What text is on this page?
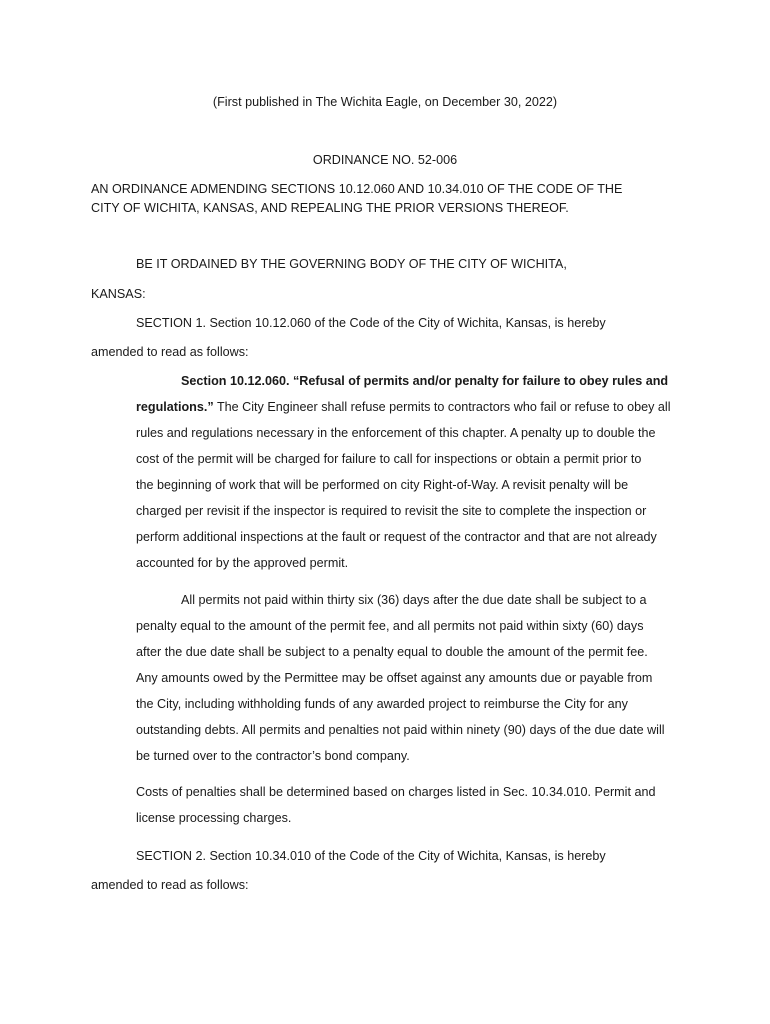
(First published in The Wichita Eagle, on December 30, 2022)
ORDINANCE NO. 52-006
AN ORDINANCE ADMENDING SECTIONS 10.12.060 AND 10.34.010 OF THE CODE OF THE
CITY OF WICHITA, KANSAS, AND REPEALING THE PRIOR VERSIONS THEREOF.
BE IT ORDAINED BY THE GOVERNING BODY OF THE CITY OF WICHITA,
KANSAS:
SECTION 1. Section 10.12.060 of the Code of the City of Wichita, Kansas, is hereby
amended to read as follows:
Section 10.12.060. “Refusal of permits and/or penalty for failure to obey rules and
regulations.” The City Engineer shall refuse permits to contractors who fail or refuse to obey all
rules and regulations necessary in the enforcement of this chapter. A penalty up to double the
cost of the permit will be charged for failure to call for inspections or obtain a permit prior to
the beginning of work that will be performed on city Right-of-Way. A revisit penalty will be
charged per revisit if the inspector is required to revisit the site to complete the inspection or
perform additional inspections at the fault or request of the contractor and that are not already
accounted for by the approved permit.
All permits not paid within thirty six (36) days after the due date shall be subject to a
penalty equal to the amount of the permit fee, and all permits not paid within sixty (60) days
after the due date shall be subject to a penalty equal to double the amount of the permit fee.
Any amounts owed by the Permittee may be offset against any amounts due or payable from
the City, including withholding funds of any awarded project to reimburse the City for any
outstanding debts. All permits and penalties not paid within ninety (90) days of the due date will
be turned over to the contractor’s bond company.
Costs of penalties shall be determined based on charges listed in Sec. 10.34.010. Permit and
license processing charges.
SECTION 2. Section 10.34.010 of the Code of the City of Wichita, Kansas, is hereby
amended to read as follows:
